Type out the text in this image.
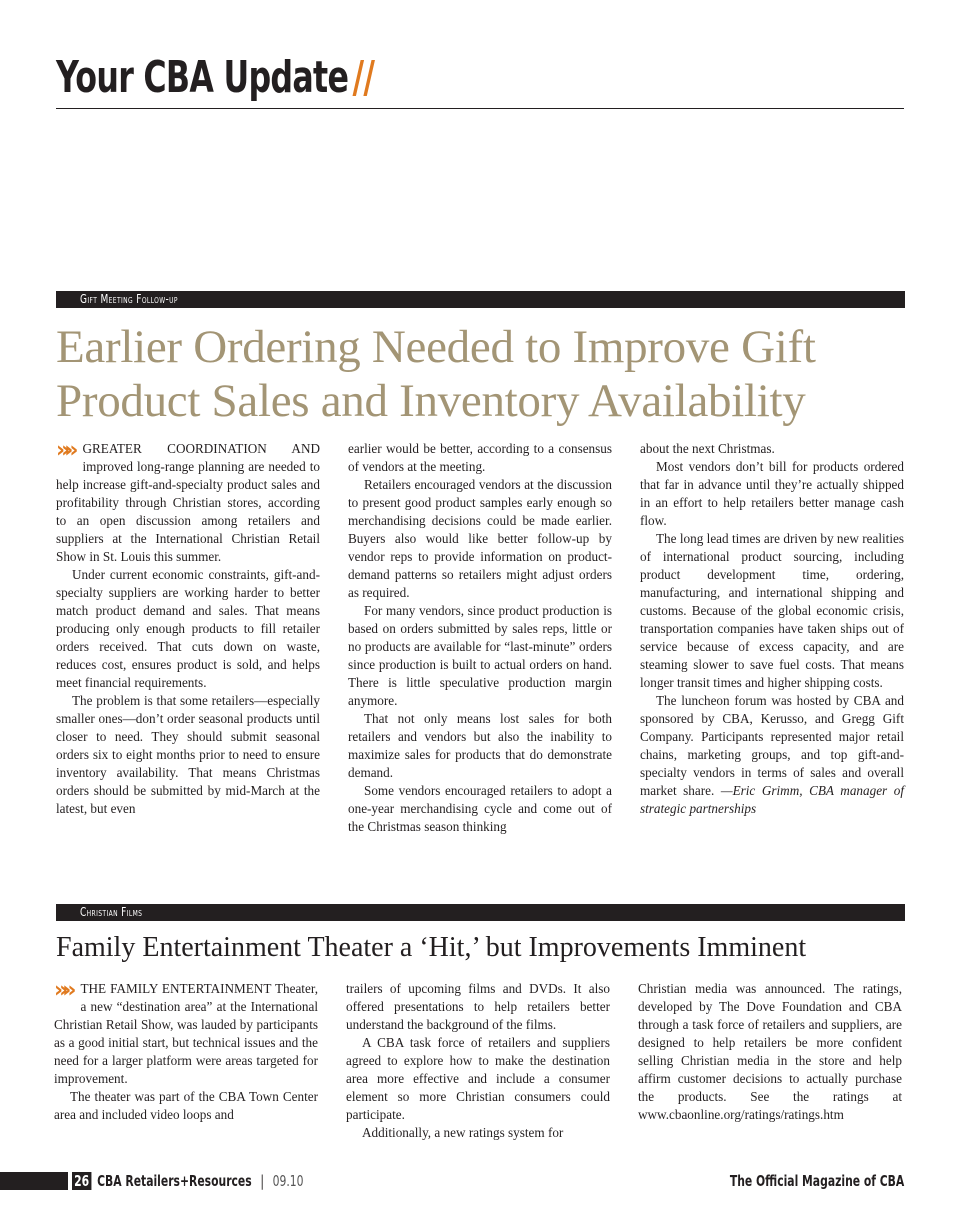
Your CBA Update//
Gift Meeting Follow-up
Earlier Ordering Needed to Improve Gift
Product Sales and Inventory Availability
»» GREATER COORDINATION AND improved long-range planning are needed to help increase gift-and-specialty product sales and profitability through Christian stores, according to an open discussion among retailers and suppliers at the International Christian Retail Show in St. Louis this summer.

Under current economic constraints, gift-and-specialty suppliers are working harder to better match product demand and sales. That means producing only enough products to fill retailer orders received. That cuts down on waste, reduces cost, ensures product is sold, and helps meet financial requirements.

The problem is that some retailers—especially smaller ones—don’t order seasonal products until closer to need. They should submit seasonal orders six to eight months prior to need to ensure inventory availability. That means Christmas orders should be submitted by mid-March at the latest, but even

earlier would be better, according to a consensus of vendors at the meeting.

Retailers encouraged vendors at the discussion to present good product samples early enough so merchandising decisions could be made earlier. Buyers also would like better follow-up by vendor reps to provide information on product-demand patterns so retailers might adjust orders as required.

For many vendors, since product production is based on orders submitted by sales reps, little or no products are available for “last-minute” orders since production is built to actual orders on hand. There is little speculative production margin anymore.

That not only means lost sales for both retailers and vendors but also the inability to maximize sales for products that do demonstrate demand.

Some vendors encouraged retailers to adopt a one-year merchandising cycle and come out of the Christmas season thinking

about the next Christmas.

Most vendors don’t bill for products ordered that far in advance until they’re actually shipped in an effort to help retailers better manage cash flow.

The long lead times are driven by new realities of international product sourcing, including product development time, ordering, manufacturing, and international shipping and customs. Because of the global economic crisis, transportation companies have taken ships out of service because of excess capacity, and are steaming slower to save fuel costs. That means longer transit times and higher shipping costs.

The luncheon forum was hosted by CBA and sponsored by CBA, Kerusso, and Gregg Gift Company. Participants represented major retail chains, marketing groups, and top gift-and-specialty vendors in terms of sales and overall market share. —Eric Grimm, CBA manager of strategic partnerships

Christian Films
Family Entertainment Theater a ‘Hit,’ but Improvements Imminent
»» THE FAMILY ENTERTAINMENT Theater, a new “destination area” at the International Christian Retail Show, was lauded by participants as a good initial start, but technical issues and the need for a larger platform were areas targeted for improvement.

The theater was part of the CBA Town Center area and included video loops and

trailers of upcoming films and DVDs. It also offered presentations to help retailers better understand the background of the films.

A CBA task force of retailers and suppliers agreed to explore how to make the destination area more effective and include a consumer element so more Christian consumers could participate.

Additionally, a new ratings system for

Christian media was announced. The ratings, developed by The Dove Foundation and CBA through a task force of retailers and suppliers, are designed to help retailers be more confident selling Christian media in the store and help affirm customer decisions to actually purchase the products. See the ratings at www.cbaonline.org/ratings/ratings.htm

26 CBA Retailers+Resources | 09.10	The Official Magazine of CBA
